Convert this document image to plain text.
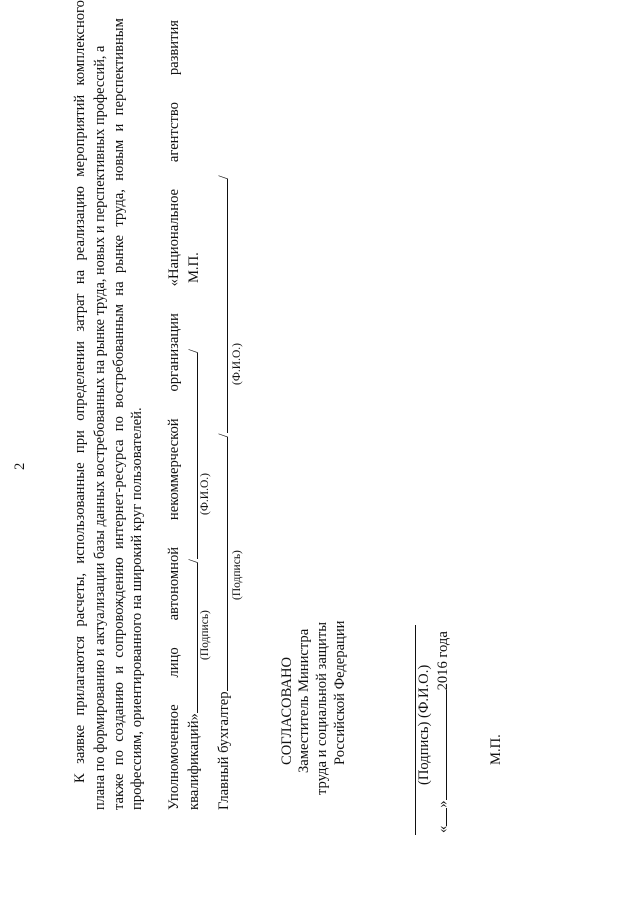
2
К
заявке
прилагаются
расчеты,
использованные
при
определении
затрат
на
реализацию
мероприятий
комплексного
плана по формированию и актуализации базы данных востребованных на рынке труда, новых и перспективных профессий, а также
по
созданию
и
сопровождению
интернет-ресурса
по
востребованным
на
рынке
труда,
новым
и
перспективным
профессиям, ориентированного на широкий круг пользователей. Уполномоченное
лицо
автономной
некоммерческой
организации
«Национальное
агентство
развития
квалификаций»//М.П.
(Подпись)
(Ф.И.О.)
Главный бухгалтер//
(Подпись)
(Ф.И.О.)
СОГЛАСОВАНО Заместитель Министра труда и социальной защиты Российской Федерации	(Подпись) (Ф.И.О.)
«»2016 года
М.П.
